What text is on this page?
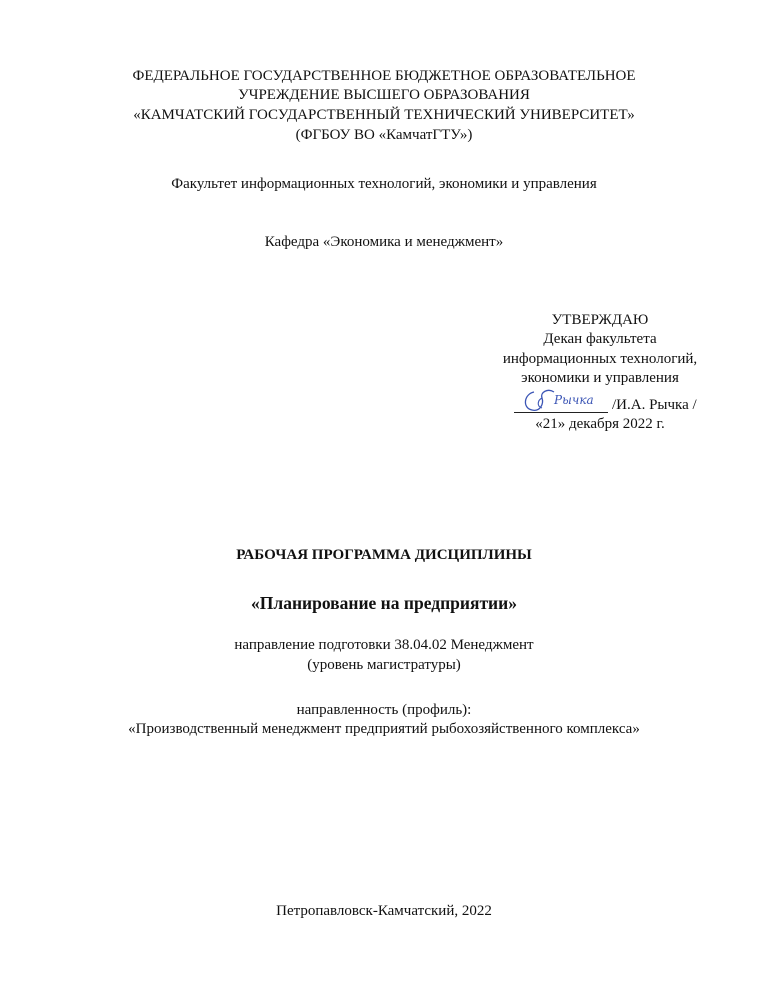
ФЕДЕРАЛЬНОЕ ГОСУДАРСТВЕННОЕ БЮДЖЕТНОЕ ОБРАЗОВАТЕЛЬНОЕ
УЧРЕЖДЕНИЕ ВЫСШЕГО ОБРАЗОВАНИЯ
«КАМЧАТСКИЙ ГОСУДАРСТВЕННЫЙ ТЕХНИЧЕСКИЙ УНИВЕРСИТЕТ»
(ФГБОУ ВО «КамчатГТУ»)
Факультет информационных технологий, экономики и управления
Кафедра «Экономика и менеджмент»
УТВЕРЖДАЮ
Декан факультета
информационных технологий,
экономики и управления
Рычка /И.А. Рычка /
«21» декабря 2022 г.
РАБОЧАЯ ПРОГРАММА ДИСЦИПЛИНЫ
«Планирование на предприятии»
направление подготовки 38.04.02 Менеджмент
(уровень магистратуры)
направленность (профиль):
«Производственный менеджмент предприятий рыбохозяйственного комплекса»
Петропавловск-Камчатский, 2022
